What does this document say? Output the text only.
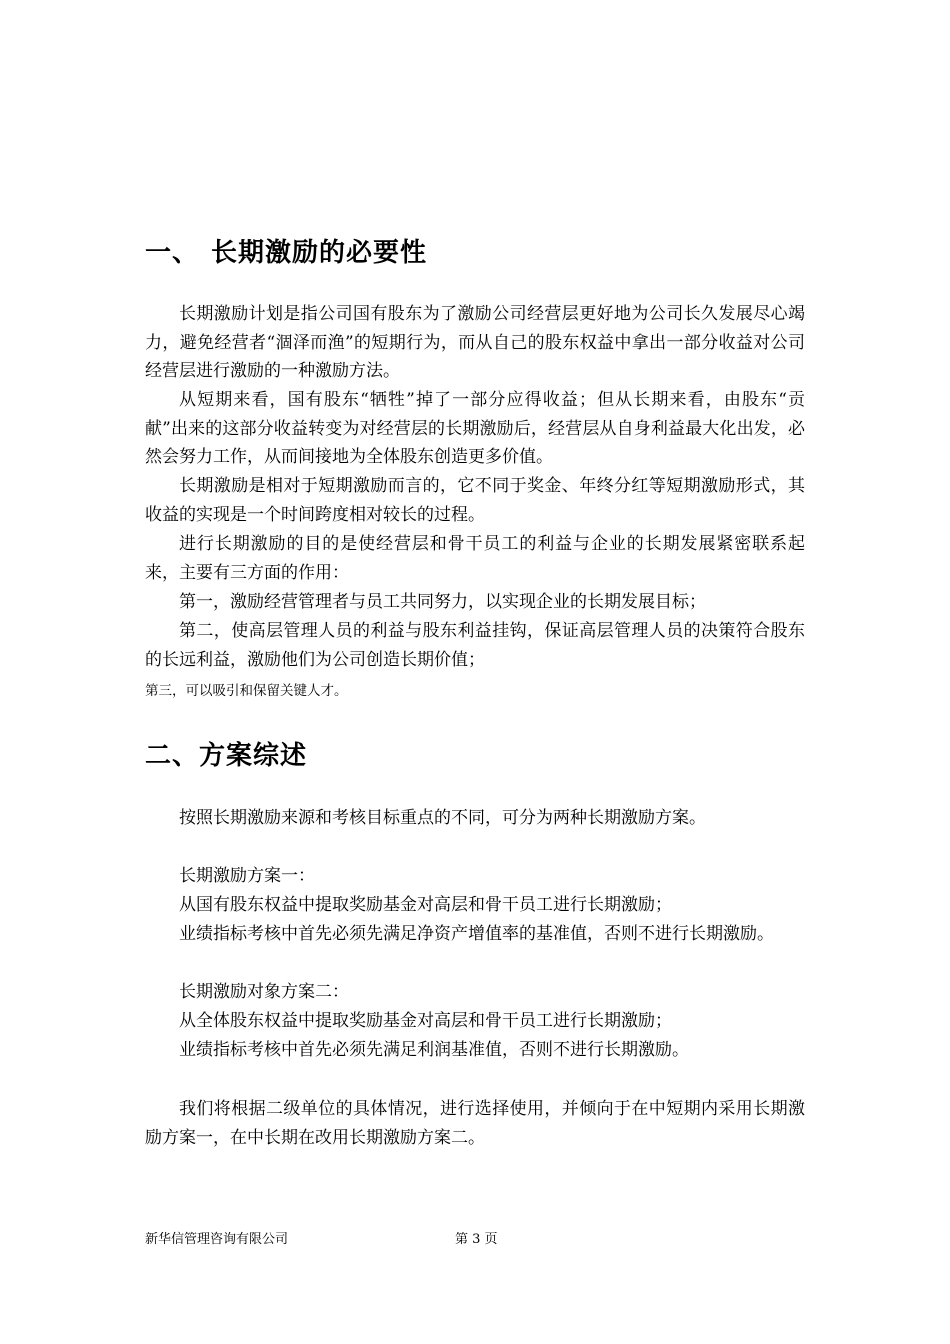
一、 长期激励的必要性

长期激励计划是指公司国有股东为了激励公司经营层更好地为公司长久发展尽心竭力，避免经营者“涸泽而渔”的短期行为，而从自己的股东权益中拿出一部分收益对公司经营层进行激励的一种激励方法。

从短期来看，国有股东“牺牲”掉了一部分应得收益；但从长期来看，由股东“贡献”出来的这部分收益转变为对经营层的长期激励后，经营层从自身利益最大化出发，必然会努力工作，从而间接地为全体股东创造更多价值。

长期激励是相对于短期激励而言的，它不同于奖金、年终分红等短期激励形式，其收益的实现是一个时间跨度相对较长的过程。

进行长期激励的目的是使经营层和骨干员工的利益与企业的长期发展紧密联系起来，主要有三方面的作用：

第一，激励经营管理者与员工共同努力，以实现企业的长期发展目标；

第二，使高层管理人员的利益与股东利益挂钩，保证高层管理人员的决策符合股东的长远利益，激励他们为公司创造长期价值；

第三，可以吸引和保留关键人才。

二、方案综述

按照长期激励来源和考核目标重点的不同，可分为两种长期激励方案。

长期激励方案一：

从国有股东权益中提取奖励基金对高层和骨干员工进行长期激励；

业绩指标考核中首先必须先满足净资产增值率的基准值，否则不进行长期激励。

长期激励对象方案二：

从全体股东权益中提取奖励基金对高层和骨干员工进行长期激励；

业绩指标考核中首先必须先满足利润基准值，否则不进行长期激励。

我们将根据二级单位的具体情况，进行选择使用，并倾向于在中短期内采用长期激励方案一，在中长期在改用长期激励方案二。

新华信管理咨询有限公司	第 3 页
